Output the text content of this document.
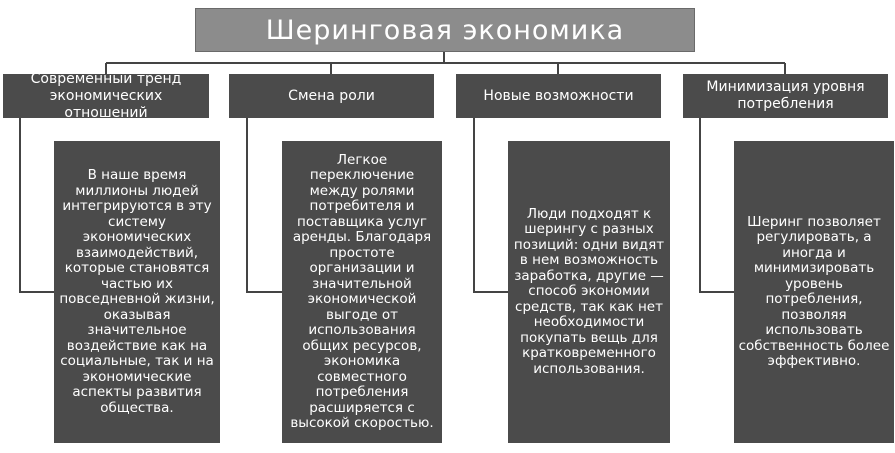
Шеринговая экономика
Современный тренд экономических отношений
Смена роли	Новые возможности
Минимизация уровня потребления
В наше время миллионы людей интегрируются в эту систему экономических взаимодействий, которые становятся частью их повседневной жизни, оказывая значительное воздействие как на социальные, так и на экономические аспекты развития общества.
Легкое переключение между ролями потребителя и поставщика услуг аренды. Благодаря простоте организации и значительной экономической выгоде от использования общих ресурсов, экономика совместного потребления расширяется с высокой скоростью.
Люди подходят к шерингу с разных позиций: одни видят в нем возможность заработка, другие — способ экономии средств, так как нет необходимости покупать вещь для кратковременного использования.
Шеринг позволяет регулировать, а иногда и минимизировать уровень потребления, позволяя использовать собственность более эффективно.
